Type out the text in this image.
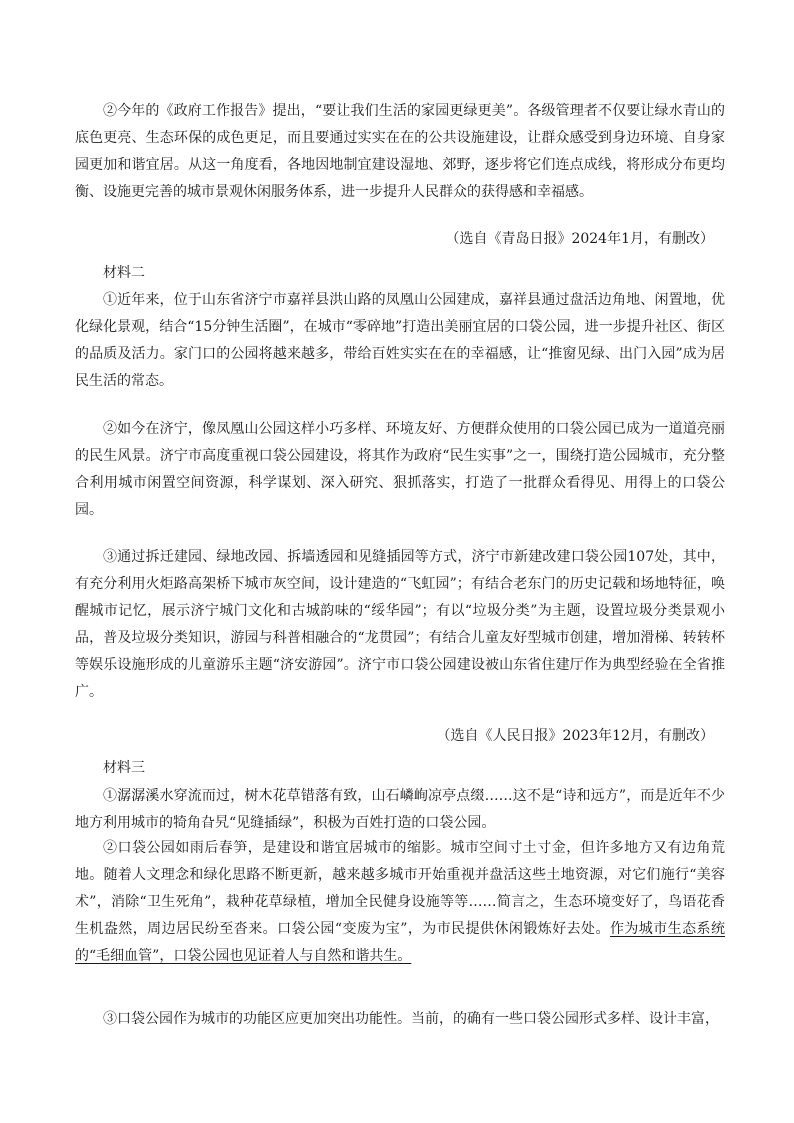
②今年的《政府工作报告》提出，“要让我们生活的家园更绿更美”。各级管理者不仅要让绿水青山的底色更亮、生态环保的成色更足，而且要通过实实在在的公共设施建设，让群众感受到身边环境、自身家园更加和谐宜居。从这一角度看，各地因地制宜建设湿地、郊野，逐步将它们连点成线，将形成分布更均衡、设施更完善的城市景观休闲服务体系，进一步提升人民群众的获得感和幸福感。

（选自《青岛日报》2024年1月，有删改）

材料二

①近年来，位于山东省济宁市嘉祥县洪山路的凤凰山公园建成，嘉祥县通过盘活边角地、闲置地，优化绿化景观，结合“15分钟生活圈”，在城市“零碎地”打造出美丽宜居的口袋公园，进一步提升社区、街区的品质及活力。家门口的公园将越来越多，带给百姓实实在在的幸福感，让“推窗见绿、出门入园”成为居民生活的常态。

②如今在济宁，像凤凰山公园这样小巧多样、环境友好、方便群众使用的口袋公园已成为一道道亮丽的民生风景。济宁市高度重视口袋公园建设，将其作为政府“民生实事”之一，围绕打造公园城市，充分整合利用城市闲置空间资源，科学谋划、深入研究、狠抓落实，打造了一批群众看得见、用得上的口袋公园。

③通过拆迁建园、绿地改园、拆墙透园和见缝插园等方式，济宁市新建改建口袋公园107处，其中，有充分利用火炬路高架桥下城市灰空间，设计建造的“飞虹园”；有结合老东门的历史记载和场地特征，唤醒城市记忆，展示济宁城门文化和古城韵味的“绥华园”；有以“垃圾分类”为主题，设置垃圾分类景观小品，普及垃圾分类知识，游园与科普相融合的“龙贯园”；有结合儿童友好型城市创建，增加滑梯、转转杯等娱乐设施形成的儿童游乐主题“济安游园”。济宁市口袋公园建设被山东省住建厅作为典型经验在全省推广。

（选自《人民日报》2023年12月，有删改）

材料三

①潺潺溪水穿流而过，树木花草错落有致，山石嶙峋凉亭点缀……这不是“诗和远方”，而是近年不少地方利用城市的犄角旮旯“见缝插绿”，积极为百姓打造的口袋公园。

②口袋公园如雨后春笋，是建设和谐宜居城市的缩影。城市空间寸土寸金，但许多地方又有边角荒地。随着人文理念和绿化思路不断更新，越来越多城市开始重视并盘活这些土地资源，对它们施行“美容术”，消除“卫生死角”，栽种花草绿植，增加全民健身设施等等……简言之，生态环境变好了，鸟语花香生机盎然，周边居民纷至沓来。口袋公园“变废为宝”，为市民提供休闲锻炼好去处。作为城市生态系统的“毛细血管”，口袋公园也见证着人与自然和谐共生。

③口袋公园作为城市的功能区应更加突出功能性。当前，的确有一些口袋公园形式多样、设计丰富，
